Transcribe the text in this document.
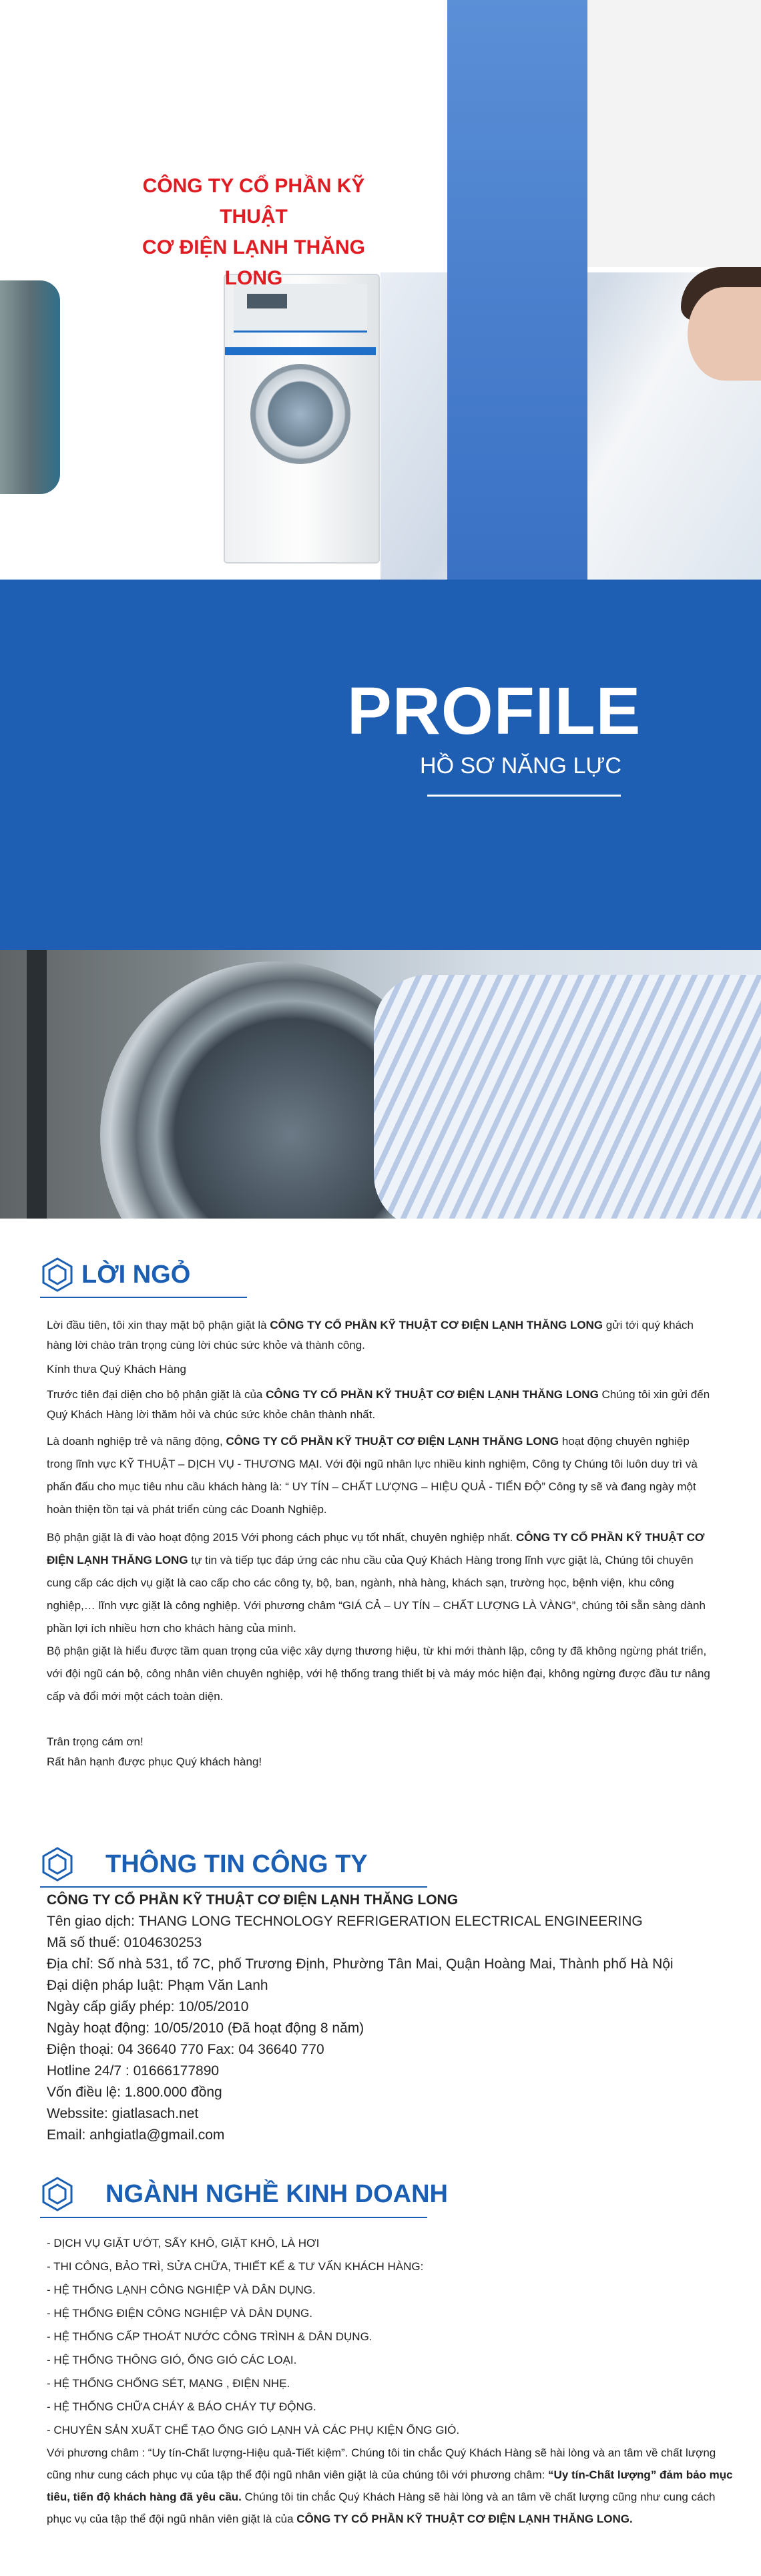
CÔNG TY CỔ PHẦN KỸ THUẬT
CƠ ĐIỆN LẠNH THĂNG LONG
PROFILE
HỒ SƠ NĂNG LỰC
LỜI NGỎ
Lời đầu tiên, tôi xin thay mặt bộ phận giặt là CÔNG TY CỔ PHẦN KỸ THUẬT CƠ ĐIỆN LẠNH THĂNG LONG gửi tới quý khách hàng lời chào trân trọng cùng lời chúc sức khỏe và thành công.
Kính thưa Quý Khách Hàng
Trước tiên đại diện cho bộ phận giặt là của CÔNG TY CỔ PHẦN KỸ THUẬT CƠ ĐIỆN LẠNH THĂNG LONG Chúng tôi xin gửi đến Quý Khách Hàng lời thăm hỏi và chúc sức khỏe chân thành nhất.
Là doanh nghiệp trẻ và năng động, CÔNG TY CỔ PHẦN KỸ THUẬT CƠ ĐIỆN LẠNH THĂNG LONG hoạt động chuyên nghiệp trong lĩnh vực KỸ THUẬT – DỊCH VỤ - THƯƠNG MẠI. Với đội ngũ nhân lực nhiều kinh nghiệm, Công ty Chúng tôi luôn duy trì và phấn đấu cho mục tiêu nhu cầu khách hàng là: “ UY TÍN – CHẤT LƯỢNG – HIỆU QUẢ - TIẾN ĐỘ” Công ty sẽ và đang ngày một hoàn thiện tồn tại và phát triển cùng các Doanh Nghiệp.
Bộ phận giặt là đi vào hoạt động 2015 Với phong cách phục vụ tốt nhất, chuyên nghiệp nhất. CÔNG TY CỔ PHẦN KỸ THUẬT CƠ ĐIỆN LẠNH THĂNG LONG tự tin và tiếp tục đáp ứng các nhu cầu của Quý Khách Hàng trong lĩnh vực giặt là, Chúng tôi chuyên cung cấp các dịch vụ giặt là cao cấp cho các công ty, bộ, ban, ngành, nhà hàng, khách sạn, trường học, bệnh viện, khu công nghiệp,… lĩnh vực giặt là công nghiệp. Với phương châm “GIÁ CẢ – UY TÍN – CHẤT LƯỢNG LÀ VÀNG”, chúng tôi sẵn sàng dành phần lợi ích nhiều hơn cho khách hàng của mình.
Bộ phận giặt là hiểu được tầm quan trọng của việc xây dựng thương hiệu, từ khi mới thành lập, công ty đã không ngừng phát triển, với đội ngũ cán bộ, công nhân viên chuyên nghiệp, với hệ thống trang thiết bị và máy móc hiện đại, không ngừng được đầu tư nâng cấp và đổi mới một cách toàn diện.
Trân trọng cám ơn!
Rất hân hạnh được phục Quý khách hàng!
THÔNG TIN CÔNG TY
CÔNG TY CỔ PHẦN KỸ THUẬT CƠ ĐIỆN LẠNH THĂNG LONG
Tên giao dịch: THANG LONG TECHNOLOGY REFRIGERATION ELECTRICAL ENGINEERING
Mã số thuế: 0104630253
Địa chỉ: Số nhà 531, tổ 7C, phố Trương Định, Phường Tân Mai, Quận Hoàng Mai, Thành phố Hà Nội
Đại diện pháp luật: Phạm Văn Lanh
Ngày cấp giấy phép: 10/05/2010
Ngày hoạt động: 10/05/2010 (Đã hoạt động 8 năm)
Điện thoại: 04 36640 770 Fax: 04 36640 770
Hotline 24/7 : 01666177890
Vốn điều lệ: 1.800.000 đồng
Webssite: giatlasach.net
Email: anhgiatla@gmail.com
NGÀNH NGHỀ KINH DOANH
- DỊCH VỤ GIẶT ƯỚT, SẤY KHÔ, GIẶT KHÔ, LÀ HƠI
- THI CÔNG, BẢO TRÌ, SỬA CHỮA, THIẾT KẾ & TƯ VẤN KHÁCH HÀNG:
- HỆ THỐNG LẠNH CÔNG NGHIỆP VÀ DÂN DỤNG.
- HỆ THỐNG ĐIỆN CÔNG NGHIỆP VÀ DÂN DỤNG.
- HỆ THỐNG CẤP THOÁT NƯỚC CÔNG TRÌNH & DÂN DỤNG.
- HỆ THỐNG THÔNG GIÓ, ỐNG GIÓ CÁC LOẠI.
- HỆ THỐNG CHỐNG SÉT, MẠNG , ĐIỆN NHẸ.
- HỆ THỐNG CHỮA CHÁY & BÁO CHÁY TỰ ĐỘNG.
- CHUYÊN SẢN XUẤT CHẾ TẠO ỐNG GIÓ LẠNH VÀ CÁC PHỤ KIỆN ỐNG GIÓ.
Với phương châm : “Uy tín-Chất lượng-Hiệu quả-Tiết kiệm”. Chúng tôi tin chắc Quý Khách Hàng sẽ hài lòng và an tâm về chất lượng cũng như cung cách phục vụ của tập thể đội ngũ nhân viên giặt là của chúng tôi với phương châm: “Uy tín-Chất lượng” đảm bảo mục tiêu, tiến độ khách hàng đã yêu cầu. Chúng tôi tin chắc Quý Khách Hàng sẽ hài lòng và an tâm về chất lượng cũng như cung cách phục vụ của tập thể đội ngũ nhân viên giặt là của CÔNG TY CỔ PHẦN KỸ THUẬT CƠ ĐIỆN LẠNH THĂNG LONG.
